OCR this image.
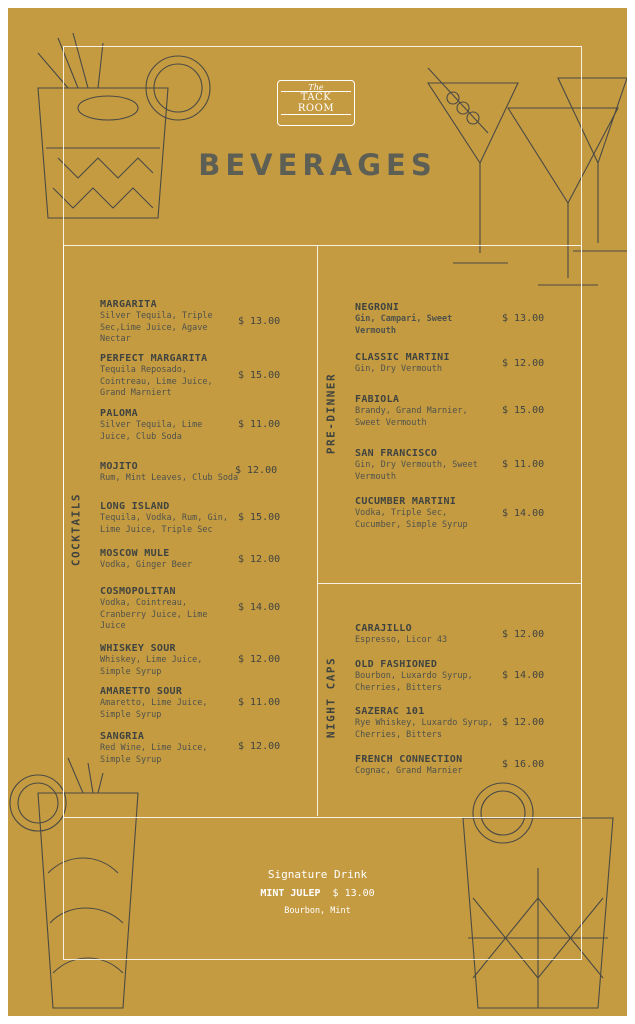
The
TACK ROOM
BEVERAGES
COCKTAILS
PRE-DINNER
NIGHT CAPS
MARGARITA
Silver Tequila, Triple
Sec,Lime Juice, Agave
Nectar
$ 13.00
PERFECT MARGARITA
Tequila Reposado,
Cointreau, Lime Juice,
Grand Marniert
$ 15.00
PALOMA
Silver Tequila, Lime
Juice, Club Soda
$ 11.00
MOJITO
Rum, Mint Leaves, Club Soda
$ 12.00
LONG ISLAND
Tequila, Vodka, Rum, Gin,
Lime Juice, Triple Sec
$ 15.00
MOSCOW MULE
Vodka, Ginger Beer	$ 12.00
COSMOPOLITAN
Vodka, Cointreau,
Cranberry Juice, Lime
Juice
$ 14.00
WHISKEY SOUR
Whiskey, Lime Juice,
Simple Syrup
$ 12.00
AMARETTO SOUR
Amaretto, Lime Juice,
Simple Syrup
$ 11.00
SANGRIA
Red Wine, Lime Juice,
Simple Syrup
$ 12.00
NEGRONI
Gin, Campari, Sweet
Vermouth
$ 13.00
CLASSIC MARTINI
Gin, Dry Vermouth	$ 12.00
FABIOLA
Brandy, Grand Marnier,
Sweet Vermouth
$ 15.00
SAN FRANCISCO
Gin, Dry Vermouth, Sweet
Vermouth
$ 11.00
CUCUMBER MARTINI
Vodka, Triple Sec,
Cucumber, Simple Syrup
$ 14.00
CARAJILLO
Espresso, Licor 43	$ 12.00
OLD FASHIONED
Bourbon, Luxardo Syrup,
Cherries, Bitters
$ 14.00
SAZERAC 101
Rye Whiskey, Luxardo Syrup,
Cherries, Bitters
$ 12.00
FRENCH CONNECTION
Cognac, Grand Marnier
$ 16.00
Signature Drink
MINT JULEP $ 13.00
Bourbon, Mint
